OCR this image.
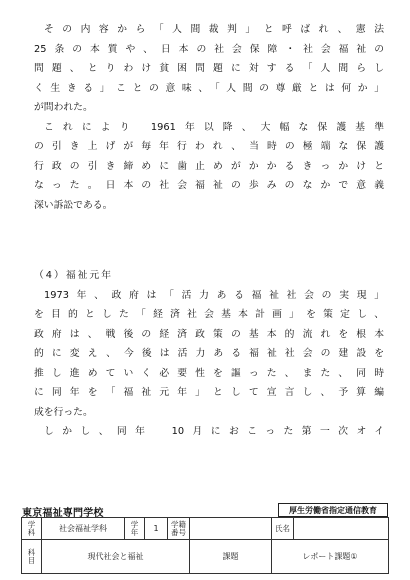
その内容から「人間裁判」と呼ばれ、憲法
25条の本質や、日本の社会保障・社会福祉の
問題、とりわけ貧困問題に対する「人間らし
く生きる」ことの意味、「人間の尊厳とは何か」
が問われた。
これにより 1961年以降、大幅な保護基準
の引き上げが毎年行われ、当時の極端な保護
行政の引き締めに歯止めがかかるきっかけと
なった。日本の社会福祉の歩みのなかで意義
深い訴訟である。
（4）福祉元年
1973年、政府は「活力ある福祉社会の実現」
を目的とした「経済社会基本計画」を策定し、
政府は、戦後の経済政策の基本的流れを根本
的に変え、今後は活力ある福祉社会の建設を
推し進めていく必要性を謳った、また、同時
に同年を「福祉元年」として宣言し、予算編
成を行った。
しかし、同年　10月におこった第一次オイ
東京福祉専門学校	厚生労働省指定通信教育
学科	社会福祉学科	学年	1	学籍番号		氏名	
科目	現代社会と福祉				課題	レポート課題①	
